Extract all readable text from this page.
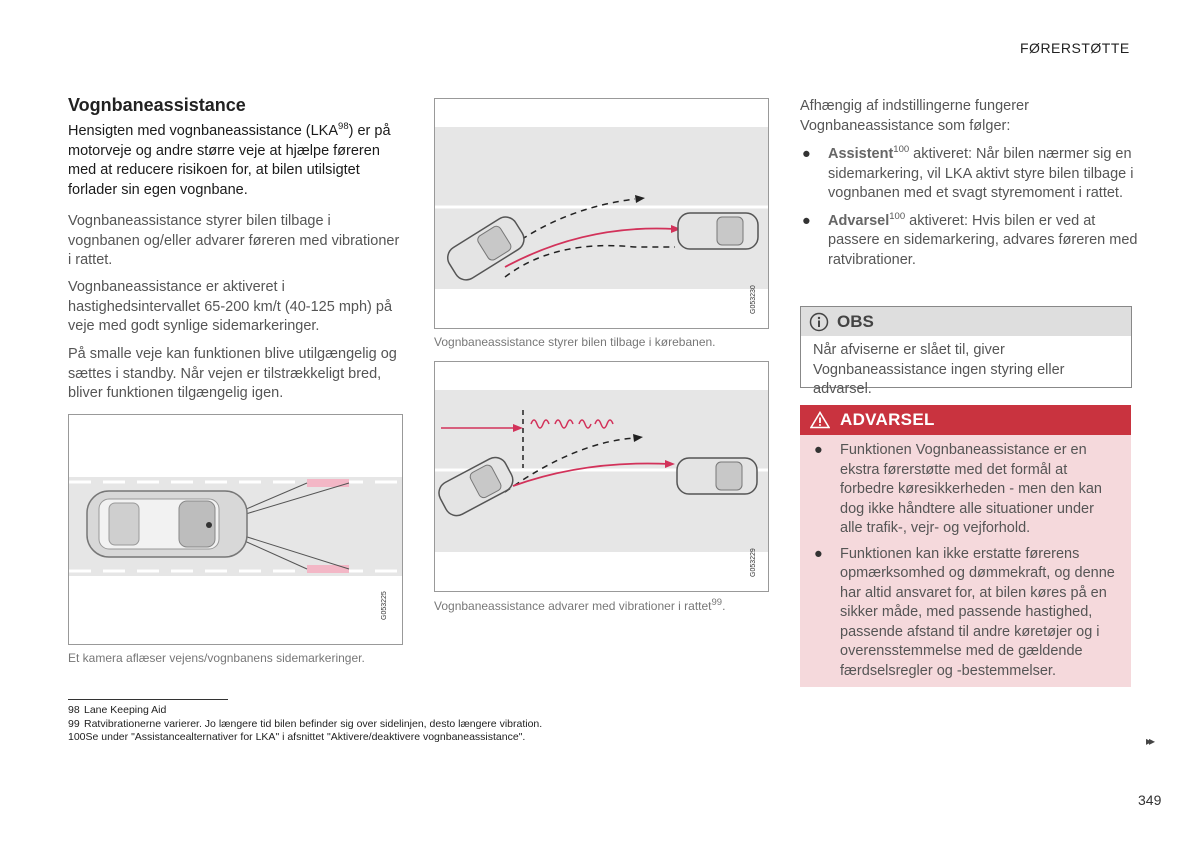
FØRERSTØTTE
Vognbaneassistance
Hensigten med vognbaneassistance (LKA$^{98}$) er på motorveje og andre større veje at hjælpe føreren med at reducere risikoen for, at bilen utilsigtet forlader sin egen vognbane.
Vognbaneassistance styrer bilen tilbage i vognbanen og/eller advarer føreren med vibrationer i rattet.
Vognbaneassistance er aktiveret i hastighedsintervallet 65-200 km/t (40-125 mph) på veje med godt synlige sidemarkeringer.
På smalle veje kan funktionen blive utilgængelig og sættes i standby. Når vejen er tilstrækkeligt bred, bliver funktionen tilgængelig igen.
G053225
Et kamera aflæser vejens/vognbanens sidemarkeringer.
G053230
Vognbaneassistance styrer bilen tilbage i kørebanen.
G053229
Vognbaneassistance advarer med vibrationer i rattet$^{99}$.
Afhængig af indstillingerne fungerer Vognbaneassistance som følger:
● Assistent$^{100}$ aktiveret: Når bilen nærmer sig en sidemarkering, vil LKA aktivt styre bilen tilbage i vognbanen med et svagt styremoment i rattet.
● Advarsel$^{100}$ aktiveret: Hvis bilen er ved at passere en sidemarkering, advares føreren med ratvibrationer.
OBS
Når afviserne er slået til, giver Vognbaneassistance ingen styring eller advarsel.
ADVARSEL
● Funktionen Vognbaneassistance er en ekstra førerstøtte med det formål at forbedre køresikkerheden - men den kan dog ikke håndtere alle situationer under alle trafik-, vejr- og vejforhold.
● Funktionen kan ikke erstatte førerens opmærksomhed og dømmekraft, og denne har altid ansvaret for, at bilen køres på en sikker måde, med passende hastighed, passende afstand til andre køretøjer og i overensstemmelse med de gældende færdselsregler og -bestemmelser.
98 Lane Keeping Aid
99 Ratvibrationerne varierer. Jo længere tid bilen befinder sig over sidelinjen, desto længere vibration.
100Se under "Assistancealternativer for LKA" i afsnittet "Aktivere/deaktivere vognbaneassistance".	▸▸
349
